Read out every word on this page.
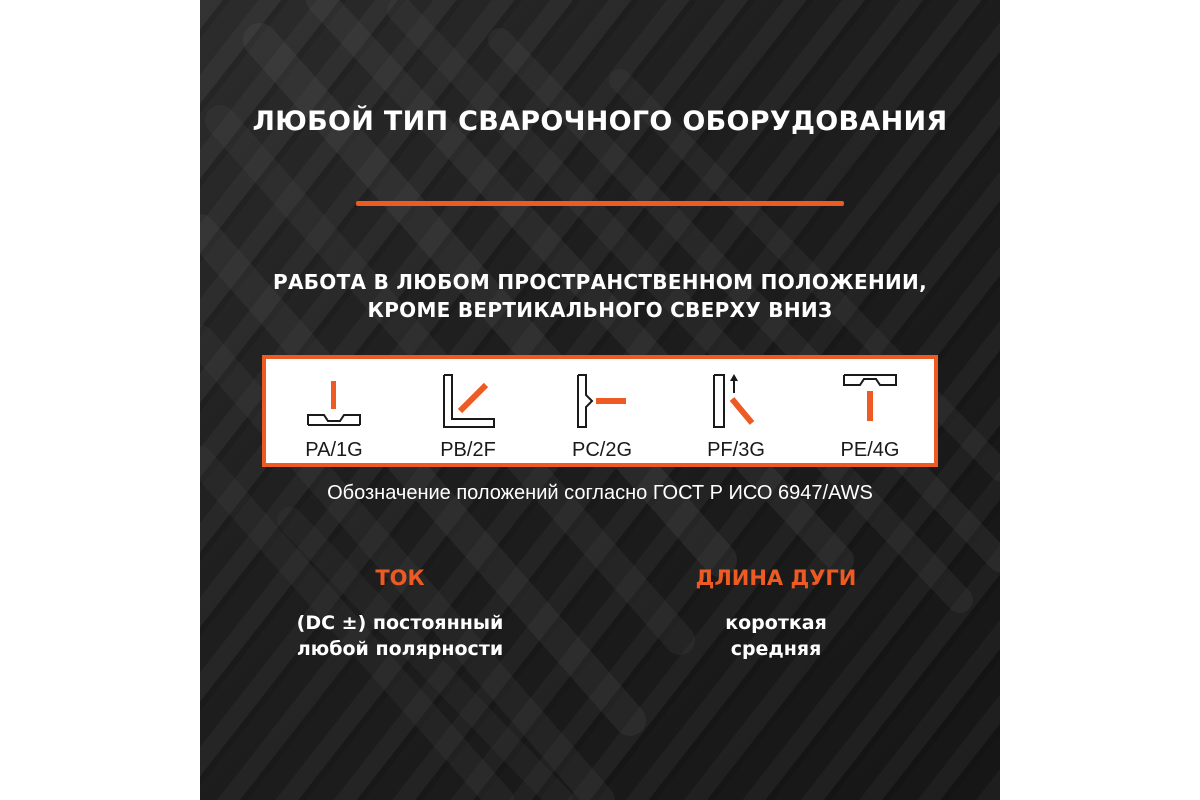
ЛЮБОЙ ТИП СВАРОЧНОГО ОБОРУДОВАНИЯ
РАБОТА В ЛЮБОМ ПРОСТРАНСТВЕННОМ ПОЛОЖЕНИИ,
КРОМЕ ВЕРТИКАЛЬНОГО СВЕРХУ ВНИЗ
PA/1G	PB/2F	PC/2G	PF/3G	PE/4G
Обозначение положений согласно ГОСТ Р ИСО 6947/AWS
ТОК
(DC ±) постоянный
любой полярности
ДЛИНА ДУГИ
короткая
средняя
